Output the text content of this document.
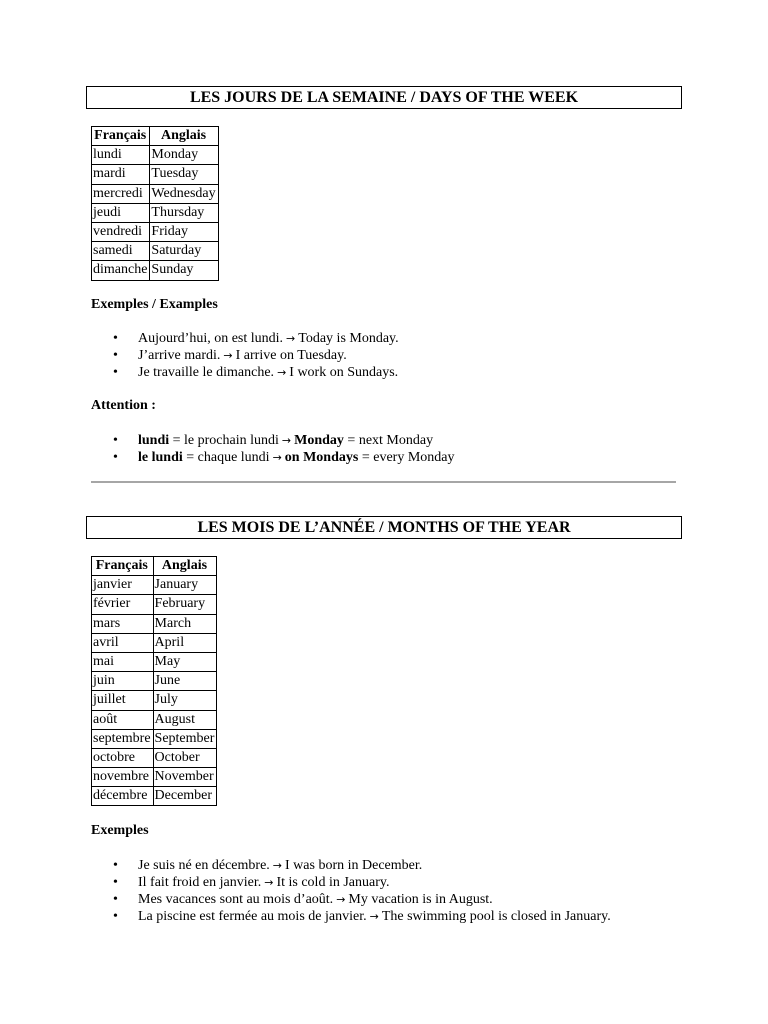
LES JOURS DE LA SEMAINE / DAYS OF THE WEEK
Français	Anglais
lundi	Monday
mardi	Tuesday
mercredi	Wednesday
jeudi	Thursday
vendredi	Friday
samedi	Saturday
dimanche	Sunday
Exemples / Examples
• Aujourd’hui, on est lundi. → Today is Monday.
• J’arrive mardi. → I arrive on Tuesday.
• Je travaille le dimanche. → I work on Sundays.
Attention :
• lundi = le prochain lundi → Monday = next Monday
• le lundi = chaque lundi → on Mondays = every Monday
LES MOIS DE L’ANNÉE / MONTHS OF THE YEAR
Français	Anglais
janvier	January
février	February
mars	March
avril	April
mai	May
juin	June
juillet	July
août	August
septembre	September
octobre	October
novembre	November
décembre	December
Exemples
• Je suis né en décembre. → I was born in December.
• Il fait froid en janvier. → It is cold in January.
• Mes vacances sont au mois d’août. → My vacation is in August.
• La piscine est fermée au mois de janvier. → The swimming pool is closed in January.
